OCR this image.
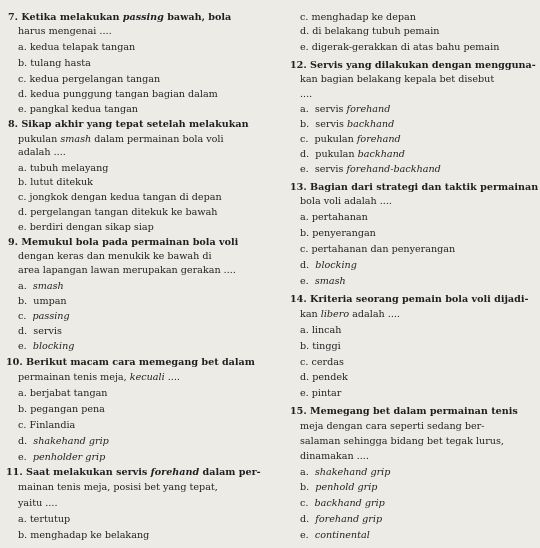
7. Ketika melakukan passing bawah, bola
harus mengenai ....
a. kedua telapak tangan
b. tulang hasta
c. kedua pergelangan tangan
d. kedua punggung tangan bagian dalam
e. pangkal kedua tangan
8. Sikap akhir yang tepat setelah melakukan
pukulan smash dalam permainan bola voli
adalah ....
a. tubuh melayang
b. lutut ditekuk
c. jongkok dengan kedua tangan di depan
d. pergelangan tangan ditekuk ke bawah
e. berdiri dengan sikap siap
9. Memukul bola pada permainan bola voli
dengan keras dan menukik ke bawah di
area lapangan lawan merupakan gerakan ....
a.  smash
b.  umpan
c.  passing
d.  servis
e.  blocking
10. Berikut macam cara memegang bet dalam
permainan tenis meja, kecuali ....
a. berjabat tangan
b. pegangan pena
c. Finlandia
d.  shakehand grip
e.  penholder grip
11. Saat melakukan servis forehand dalam per-
mainan tenis meja, posisi bet yang tepat,
yaitu ....
a. tertutup
b. menghadap ke belakang
c. menghadap ke depan
d. di belakang tubuh pemain
e. digerak-gerakkan di atas bahu pemain
12. Servis yang dilakukan dengan mengguna-
kan bagian belakang kepala bet disebut
....
a.  servis forehand
b.  servis backhand
c.  pukulan forehand
d.  pukulan backhand
e.  servis forehand-backhand
13. Bagian dari strategi dan taktik permainan
bola voli adalah ....
a. pertahanan
b. penyerangan
c. pertahanan dan penyerangan
d.  blocking
e.  smash
14. Kriteria seorang pemain bola voli dijadi-
kan libero adalah ....
a. lincah
b. tinggi
c. cerdas
d. pendek
e. pintar
15. Memegang bet dalam permainan tenis
meja dengan cara seperti sedang ber-
salaman sehingga bidang bet tegak lurus,
dinamakan ....
a.  shakehand grip
b.  penhold grip
c.  backhand grip
d.  forehand grip
e.  continental
